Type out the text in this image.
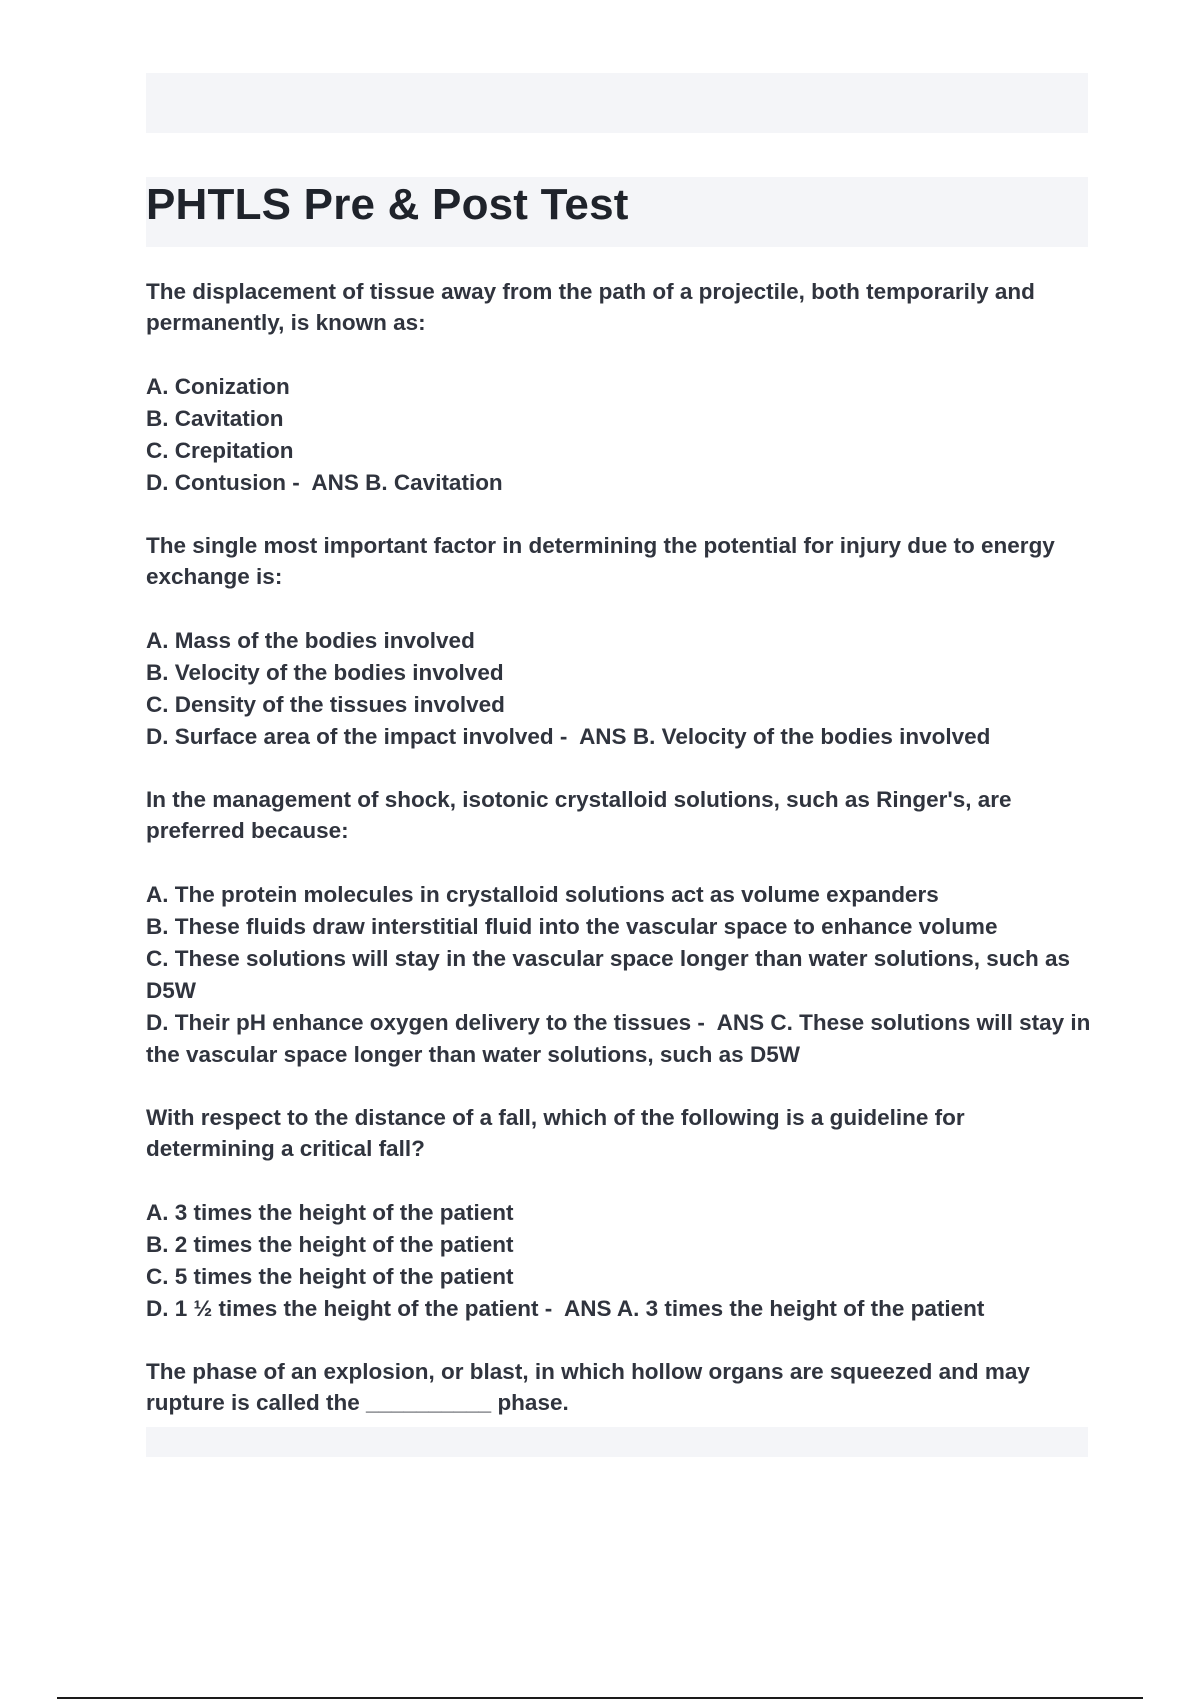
PHTLS Pre & Post Test

The displacement of tissue away from the path of a projectile, both temporarily and permanently, is known as:

A. Conization

B. Cavitation

C. Crepitation

D. Contusion -  ANS B. Cavitation

The single most important factor in determining the potential for injury due to energy exchange is:

A. Mass of the bodies involved

B. Velocity of the bodies involved

C. Density of the tissues involved

D. Surface area of the impact involved -  ANS B. Velocity of the bodies involved

In the management of shock, isotonic crystalloid solutions, such as Ringer's, are preferred because:

A. The protein molecules in crystalloid solutions act as volume expanders

B. These fluids draw interstitial fluid into the vascular space to enhance volume

C. These solutions will stay in the vascular space longer than water solutions, such as D5W

D. Their pH enhance oxygen delivery to the tissues -  ANS C. These solutions will stay in the vascular space longer than water solutions, such as D5W

With respect to the distance of a fall, which of the following is a guideline for determining a critical fall?

A. 3 times the height of the patient

B. 2 times the height of the patient

C. 5 times the height of the patient

D. 1 ½ times the height of the patient -  ANS A. 3 times the height of the patient

The phase of an explosion, or blast, in which hollow organs are squeezed and may rupture is called the __________ phase.
